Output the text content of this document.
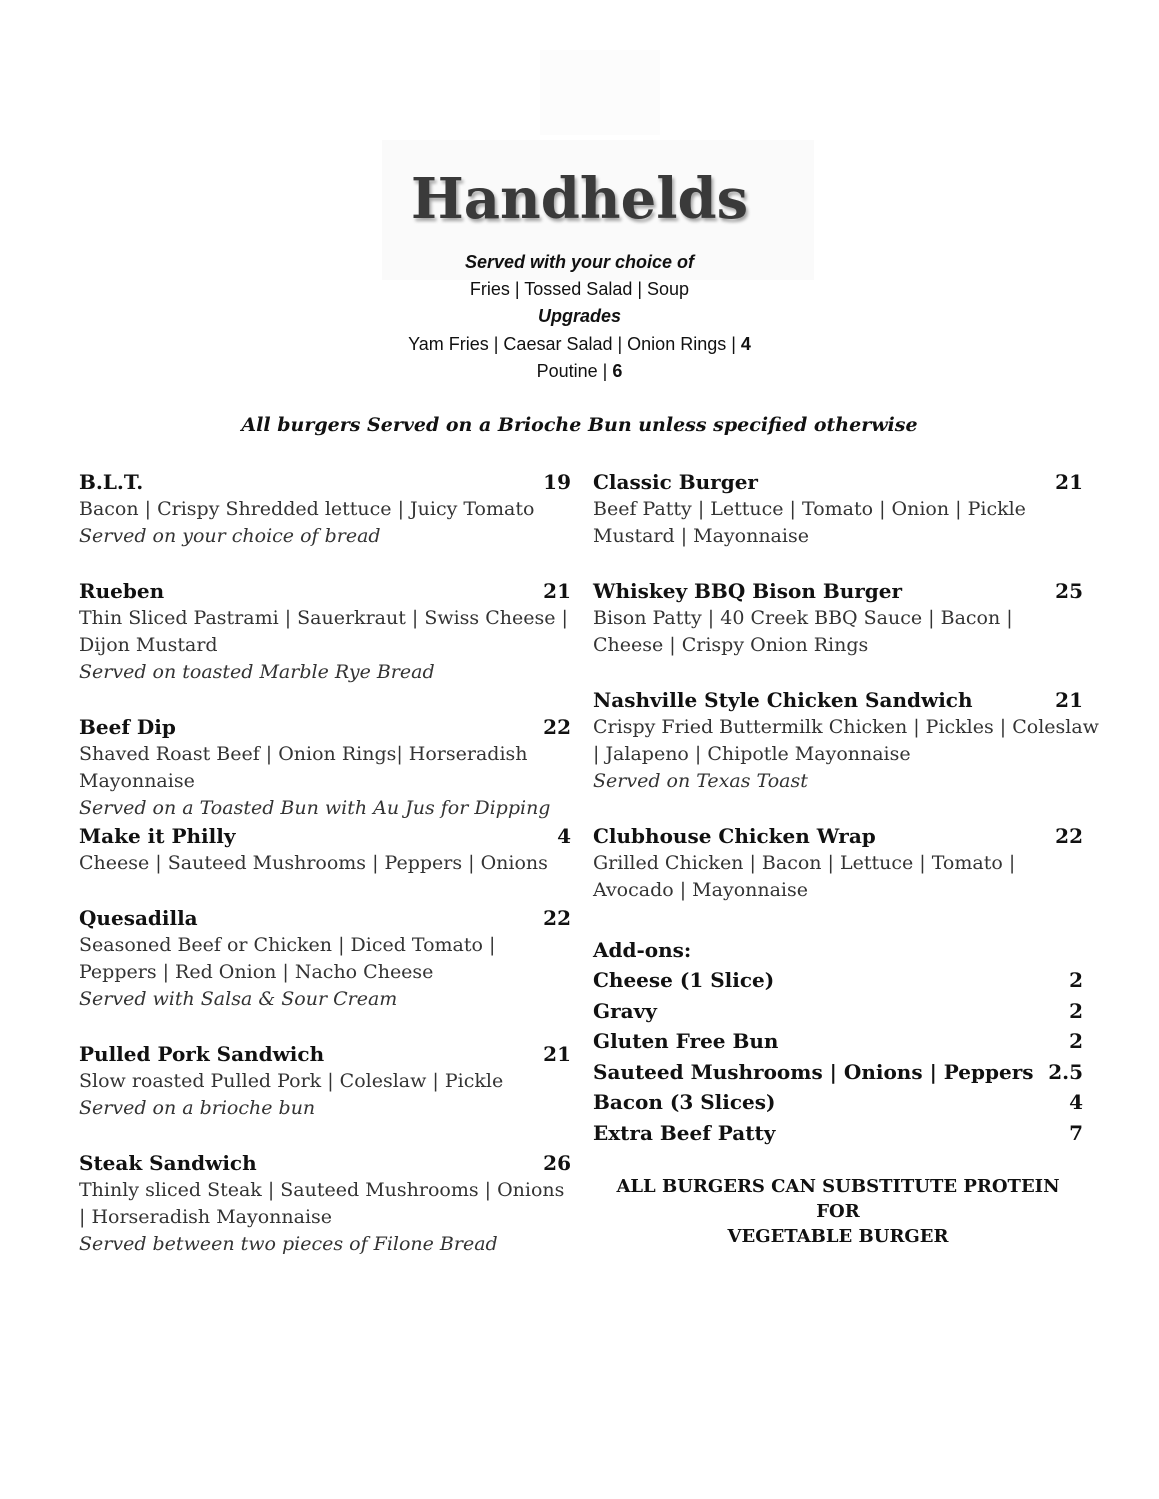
Handhelds
Served with your choice of
Fries | Tossed Salad | Soup
Upgrades
Yam Fries | Caesar Salad | Onion Rings | 4
Poutine | 6
All burgers Served on a Brioche Bun unless specified otherwise
B.L.T.	19
Bacon | Crispy Shredded lettuce | Juicy Tomato
Served on your choice of bread
Rueben	21
Thin Sliced Pastrami | Sauerkraut | Swiss Cheese |
Dijon Mustard
Served on toasted Marble Rye Bread
Beef Dip	22
Shaved Roast Beef | Onion Rings| Horseradish
Mayonnaise
Served on a Toasted Bun with Au Jus for Dipping
Make it Philly	4
Cheese | Sauteed Mushrooms | Peppers | Onions
Quesadilla	22
Seasoned Beef or Chicken | Diced Tomato |
Peppers | Red Onion | Nacho Cheese
Served with Salsa & Sour Cream
Pulled Pork Sandwich	21
Slow roasted Pulled Pork | Coleslaw | Pickle
Served on a brioche bun
Steak Sandwich	26
Thinly sliced Steak | Sauteed Mushrooms | Onions
| Horseradish Mayonnaise
Served between two pieces of Filone Bread
Classic Burger	21
Beef Patty | Lettuce | Tomato | Onion | Pickle
Mustard | Mayonnaise
Whiskey BBQ Bison Burger	25
Bison Patty | 40 Creek BBQ Sauce | Bacon |
Cheese | Crispy Onion Rings
Nashville Style Chicken Sandwich	21
Crispy Fried Buttermilk Chicken | Pickles | Coleslaw
| Jalapeno | Chipotle Mayonnaise
Served on Texas Toast
Clubhouse Chicken Wrap	22
Grilled Chicken | Bacon | Lettuce | Tomato |
Avocado | Mayonnaise
Add-ons:
Cheese (1 Slice)	2
Gravy	2
Gluten Free Bun	2
Sauteed Mushrooms | Onions | Peppers 2.5
Bacon (3 Slices)	4
Extra Beef Patty	7
ALL BURGERS CAN SUBSTITUTE PROTEIN FOR
VEGETABLE BURGER
